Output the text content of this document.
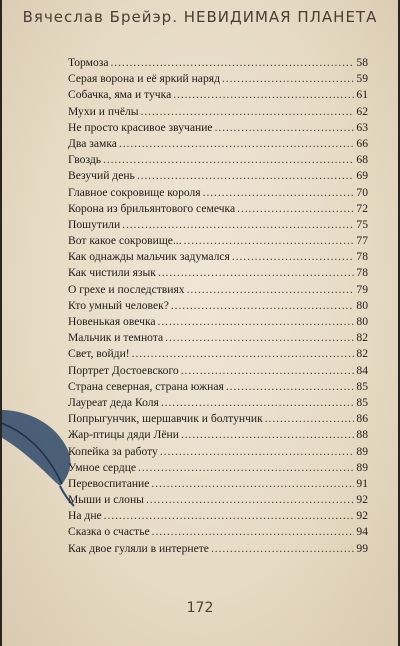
Вячеслав Брейэр. НЕВИДИМАЯ ПЛАНЕТА
Тормоза . . .	58
Серая ворона и её яркий наряд . . .	59
Собачка, яма и тучка . . .	61
Мухи и пчёлы . . .	62
Не просто красивое звучание . . .	63
Два замка . . .	66
Гвоздь . . .	68
Везучий день . . .	69
Главное сокровище короля . . .	70
Корона из брильянтового семечка . . .	72
Пошутили . . .	75
Вот какое сокровище... . . .	77
Как однажды мальчик задумался . . .	78
Как чистили язык . . .	78
О грехе и последствиях . . .	79
Кто умный человек? . . .	80
Новенькая овечка . . .	80
Мальчик и темнота . . .	82
Свет, войди! . . .	82
Портрет Достоевского . . .	84
Страна северная, страна южная . . .	85
Лауреат деда Коля . . .	85
Попрыгунчик, шершавчик и болтунчик . . .	86
Жар-птицы дяди Лёни . . .	88
Копейка за работу . . .	89
Умное сердце . . .	89
Перевоспитание . . .	91
Мыши и слоны . . .	92
На дне . . .	92
Сказка о счастье . . .	94
Как двое гуляли в интернете . . .	99
172
